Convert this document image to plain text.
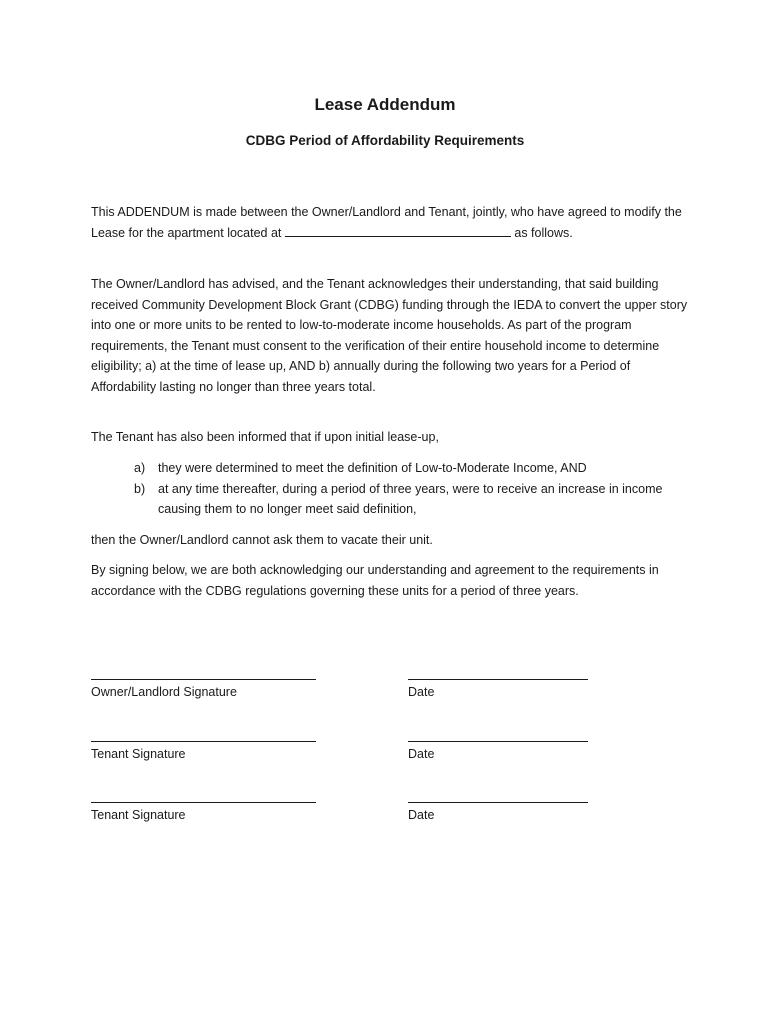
Lease Addendum
CDBG Period of Affordability Requirements
This ADDENDUM is made between the Owner/Landlord and Tenant, jointly, who have agreed to modify the Lease for the apartment located at	as follows.
The Owner/Landlord has advised, and the Tenant acknowledges their understanding, that said building received Community Development Block Grant (CDBG) funding through the IEDA to convert the upper story into one or more units to be rented to low-to-moderate income households. As part of the program requirements, the Tenant must consent to the verification of their entire household income to determine eligibility; a) at the time of lease up, AND b) annually during the following two years for a Period of Affordability lasting no longer than three years total.
The Tenant has also been informed that if upon initial lease-up,
a) they were determined to meet the definition of Low-to-Moderate Income, AND
b) at any time thereafter, during a period of three years, were to receive an increase in income causing them to no longer meet said definition,
then the Owner/Landlord cannot ask them to vacate their unit.
By signing below, we are both acknowledging our understanding and agreement to the requirements in accordance with the CDBG regulations governing these units for a period of three years.
Owner/Landlord Signature	Date
Tenant Signature	Date
Tenant Signature	Date
